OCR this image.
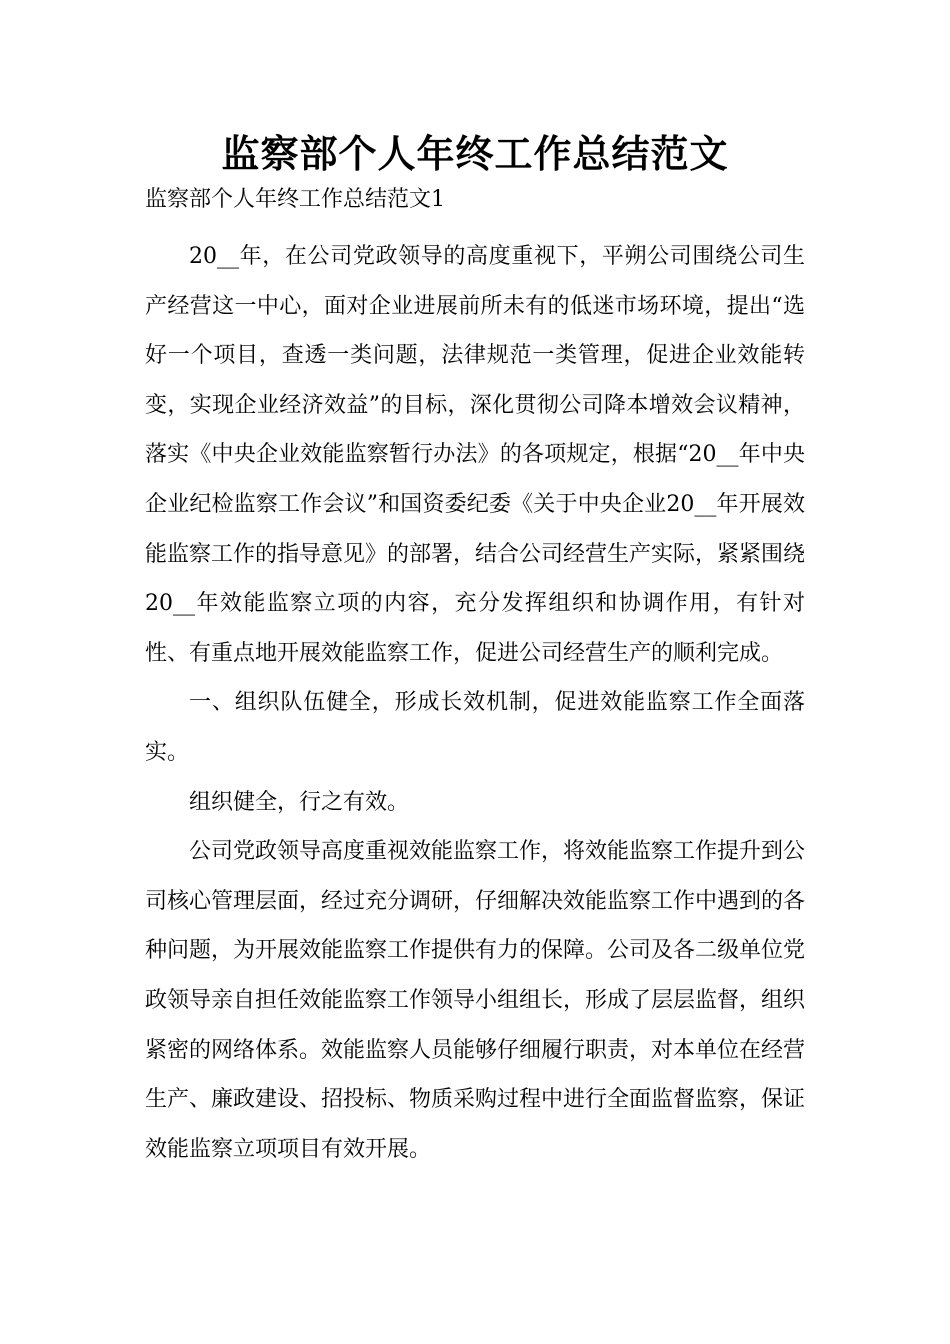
监察部个人年终工作总结范文
监察部个人年终工作总结范文1

20__年，在公司党政领导的高度重视下，平朔公司围绕公司生产经营这一中心，面对企业进展前所未有的低迷市场环境，提出“选好一个项目，查透一类问题，法律规范一类管理，促进企业效能转变，实现企业经济效益”的目标，深化贯彻公司降本增效会议精神，落实《中央企业效能监察暂行办法》的各项规定，根据“20__年中央企业纪检监察工作会议”和国资委纪委《关于中央企业20__年开展效能监察工作的指导意见》的部署，结合公司经营生产实际，紧紧围绕20__年效能监察立项的内容，充分发挥组织和协调作用，有针对性、有重点地开展效能监察工作，促进公司经营生产的顺利完成。

一、组织队伍健全，形成长效机制，促进效能监察工作全面落实。

组织健全，行之有效。

公司党政领导高度重视效能监察工作，将效能监察工作提升到公司核心管理层面，经过充分调研，仔细解决效能监察工作中遇到的各种问题，为开展效能监察工作提供有力的保障。公司及各二级单位党政领导亲自担任效能监察工作领导小组组长，形成了层层监督，组织紧密的网络体系。效能监察人员能够仔细履行职责，对本单位在经营生产、廉政建设、招投标、物质采购过程中进行全面监督监察，保证效能监察立项项目有效开展。
